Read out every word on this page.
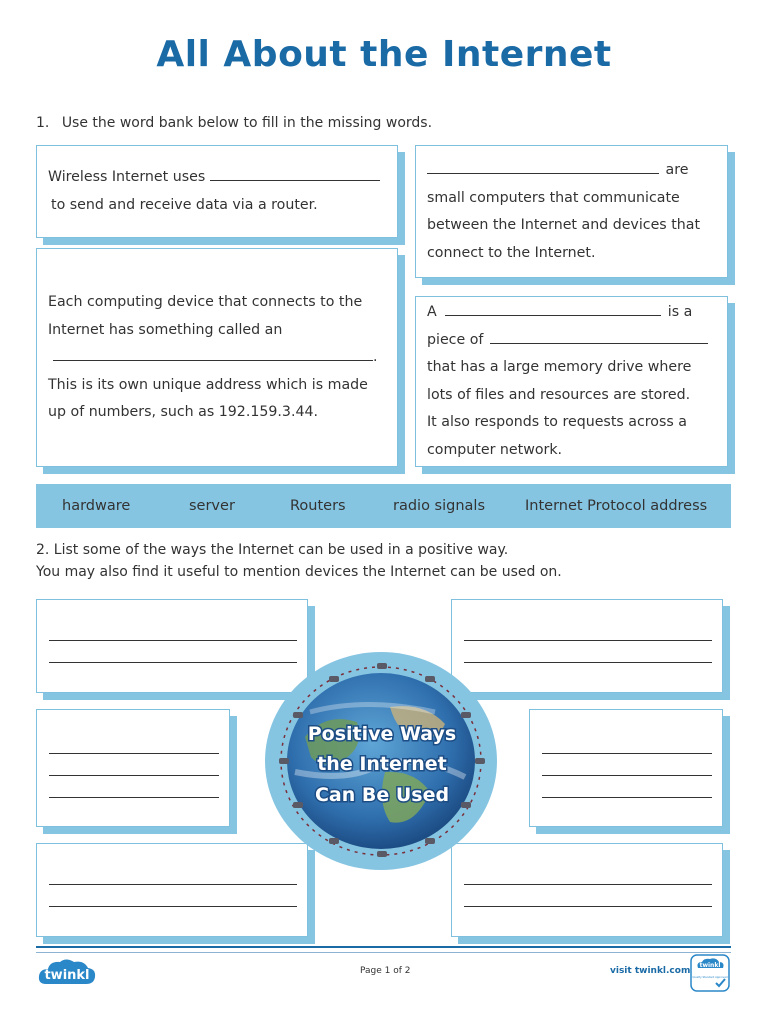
All About the Internet
1. Use the word bank below to fill in the missing words.
Wireless Internet uses
to send and receive data via a router.
Each computing device that connects to the
Internet has something called an
.
This is its own unique address which is made
up of numbers, such as 192.159.3.44.
are
small computers that communicate
between the Internet and devices that
connect to the Internet.
A	is a
piece of
that has a large memory drive where
lots of files and resources are stored.
It also responds to requests across a
computer network.
hardware	server	Routers	radio signals	Internet Protocol address
2. List some of the ways the Internet can be used in a positive way.
You may also find it useful to mention devices the Internet can be used on.
Positive Ways
the Internet
Can Be Used
twinkl	Page 1 of 2	visit twinkl.com
twinkl
Quality Standard Approved
